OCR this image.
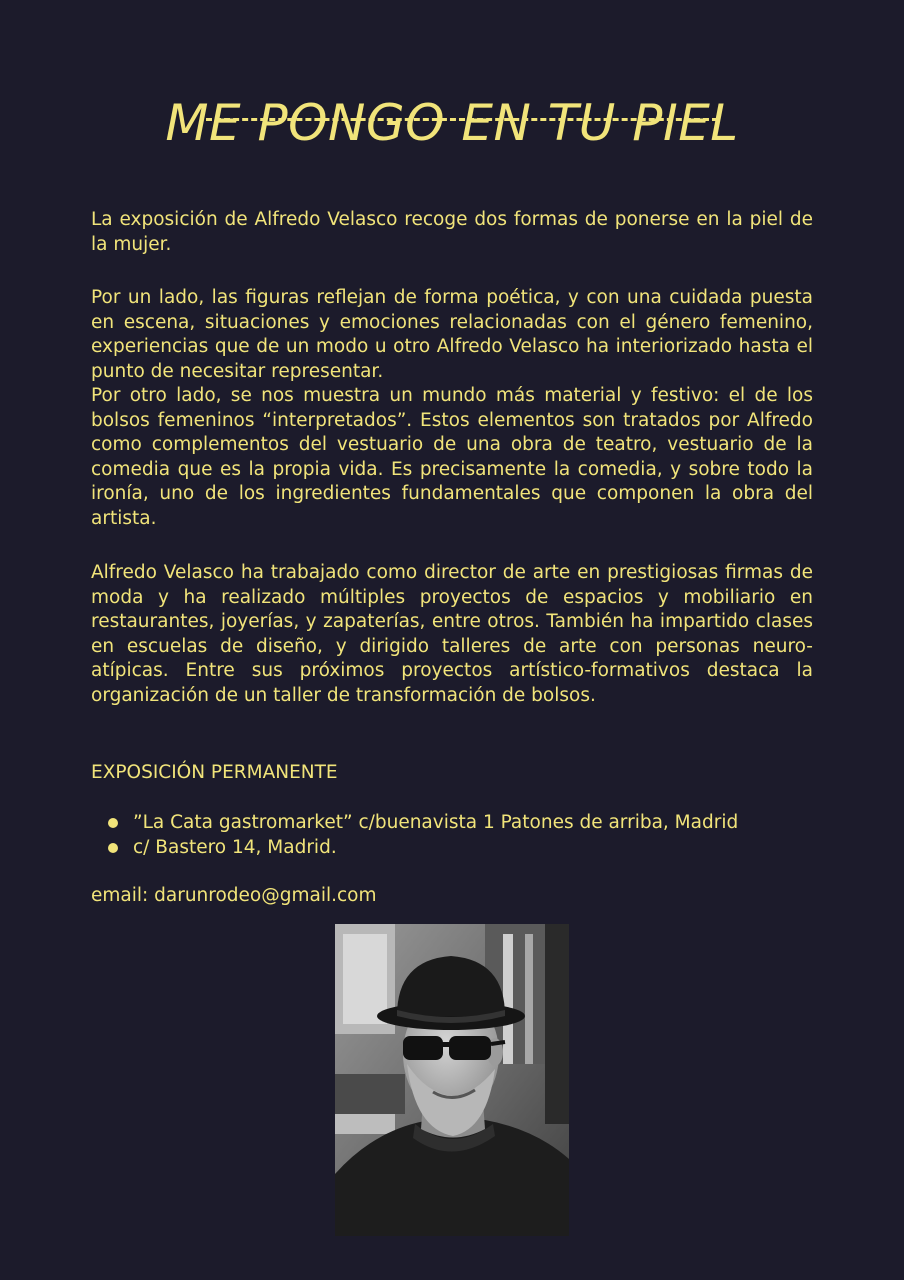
ME PONGO EN TU PIEL

La exposición de Alfredo Velasco recoge dos formas de ponerse en la piel de la mujer.

Por un lado, las figuras reflejan de forma poética, y con una cuidada puesta en escena, situaciones y emociones relacionadas con el género femenino, experiencias que de un modo u otro Alfredo Velasco ha interiorizado hasta el punto de necesitar representar.

Por otro lado, se nos muestra un mundo más material y festivo: el de los bolsos femeninos “interpretados”. Estos elementos son tratados por Alfredo como complementos del vestuario de una obra de teatro, vestuario de la comedia que es la propia vida. Es precisamente la comedia, y sobre todo la ironía, uno de los ingredientes fundamentales que componen la obra del artista.

Alfredo Velasco ha trabajado como director de arte en prestigiosas firmas de moda y ha realizado múltiples proyectos de espacios y mobiliario en restaurantes, joyerías, y zapaterías, entre otros. También ha impartido clases en escuelas de diseño, y dirigido talleres de arte con personas neuro-atípicas. Entre sus próximos proyectos artístico-formativos destaca la organización de un taller de transformación de bolsos.

EXPOSICIÓN PERMANENTE
”La Cata gastromarket” c/buenavista 1 Patones de arriba, Madrid
c/ Bastero 14, Madrid.
email: darunrodeo@gmail.com
